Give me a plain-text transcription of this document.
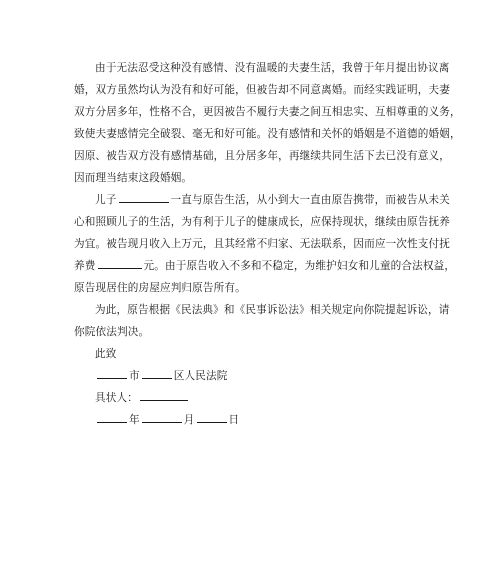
由于无法忍受这种没有感情、没有温暖的夫妻生活，我曾于年月提出协议离
婚，双方虽然均认为没有和好可能，但被告却不同意离婚。而经实践证明，夫妻
双方分居多年，性格不合，更因被告不履行夫妻之间互相忠实、互相尊重的义务，
致使夫妻感情完全破裂、毫无和好可能。没有感情和关怀的婚姻是不道德的婚姻，
因原、被告双方没有感情基础，且分居多年，再继续共同生活下去已没有意义，
因而理当结束这段婚姻。

儿子	一直与原告生活，从小到大一直由原告携带，而被告从未关
心和照顾儿子的生活，为有利于儿子的健康成长，应保持现状，继续由原告抚养
为宜。被告现月收入上万元，且其经常不归家、无法联系，因而应一次性支付抚
养费	元。由于原告收入不多和不稳定，为维护妇女和儿童的合法权益，
原告现居住的房屋应判归原告所有。

为此，原告根据《民法典》和《民事诉讼法》相关规定向你院提起诉讼，请
你院依法判决。

此致
市	区人民法院
具状人：
年	月	日
